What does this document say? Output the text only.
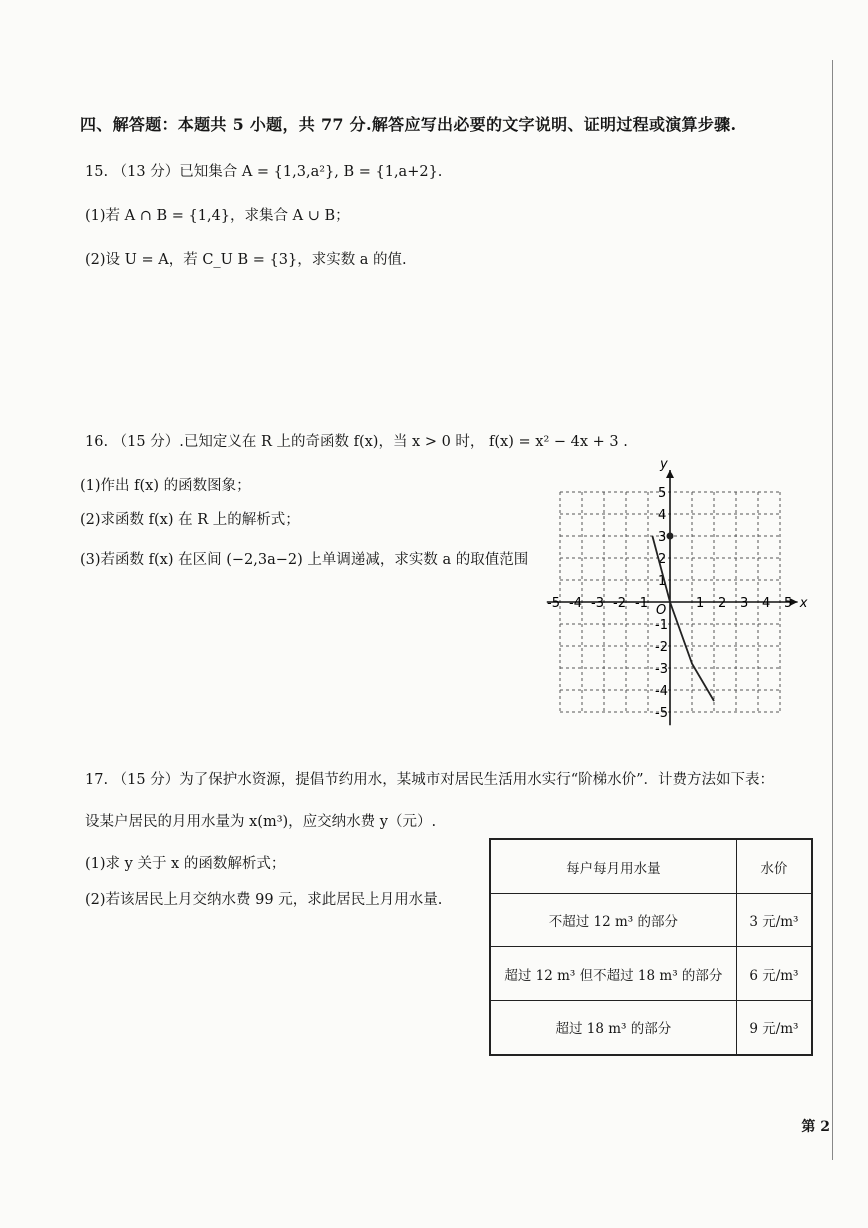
四、解答题：本题共 5 小题，共 77 分.解答应写出必要的文字说明、证明过程或演算步骤.
15. （13 分）已知集合 A = {1,3,a²}, B = {1,a+2}.
(1)若 A ∩ B = {1,4}，求集合 A ∪ B；
(2)设 U = A，若 C_U B = {3}，求实数 a 的值.
16. （15 分）.已知定义在 R 上的奇函数 f(x)，当 x > 0 时， f(x) = x² − 4x + 3 .
(1)作出 f(x) 的函数图象；
(2)求函数 f(x) 在 R 上的解析式；
(3)若函数 f(x) 在区间 (−2,3a−2) 上单调递减，求实数 a 的取值范围
-5 -4 -3 -2 -1	1 2 3 4 5
5
4
3
2
1
-1
-2
-3
-4
-5
x
y
O
17. （15 分）为了保护水资源，提倡节约用水，某城市对居民生活用水实行“阶梯水价”．计费方法如下表：
设某户居民的月用水量为 x(m³)，应交纳水费 y（元）.
(1)求 y 关于 x 的函数解析式；
(2)若该居民上月交纳水费 99 元，求此居民上月用水量.
每户每月用水量	水价
不超过 12 m³ 的部分	3 元/m³
超过 12 m³ 但不超过 18 m³ 的部分	6 元/m³
超过 18 m³ 的部分	9 元/m³
第 2
